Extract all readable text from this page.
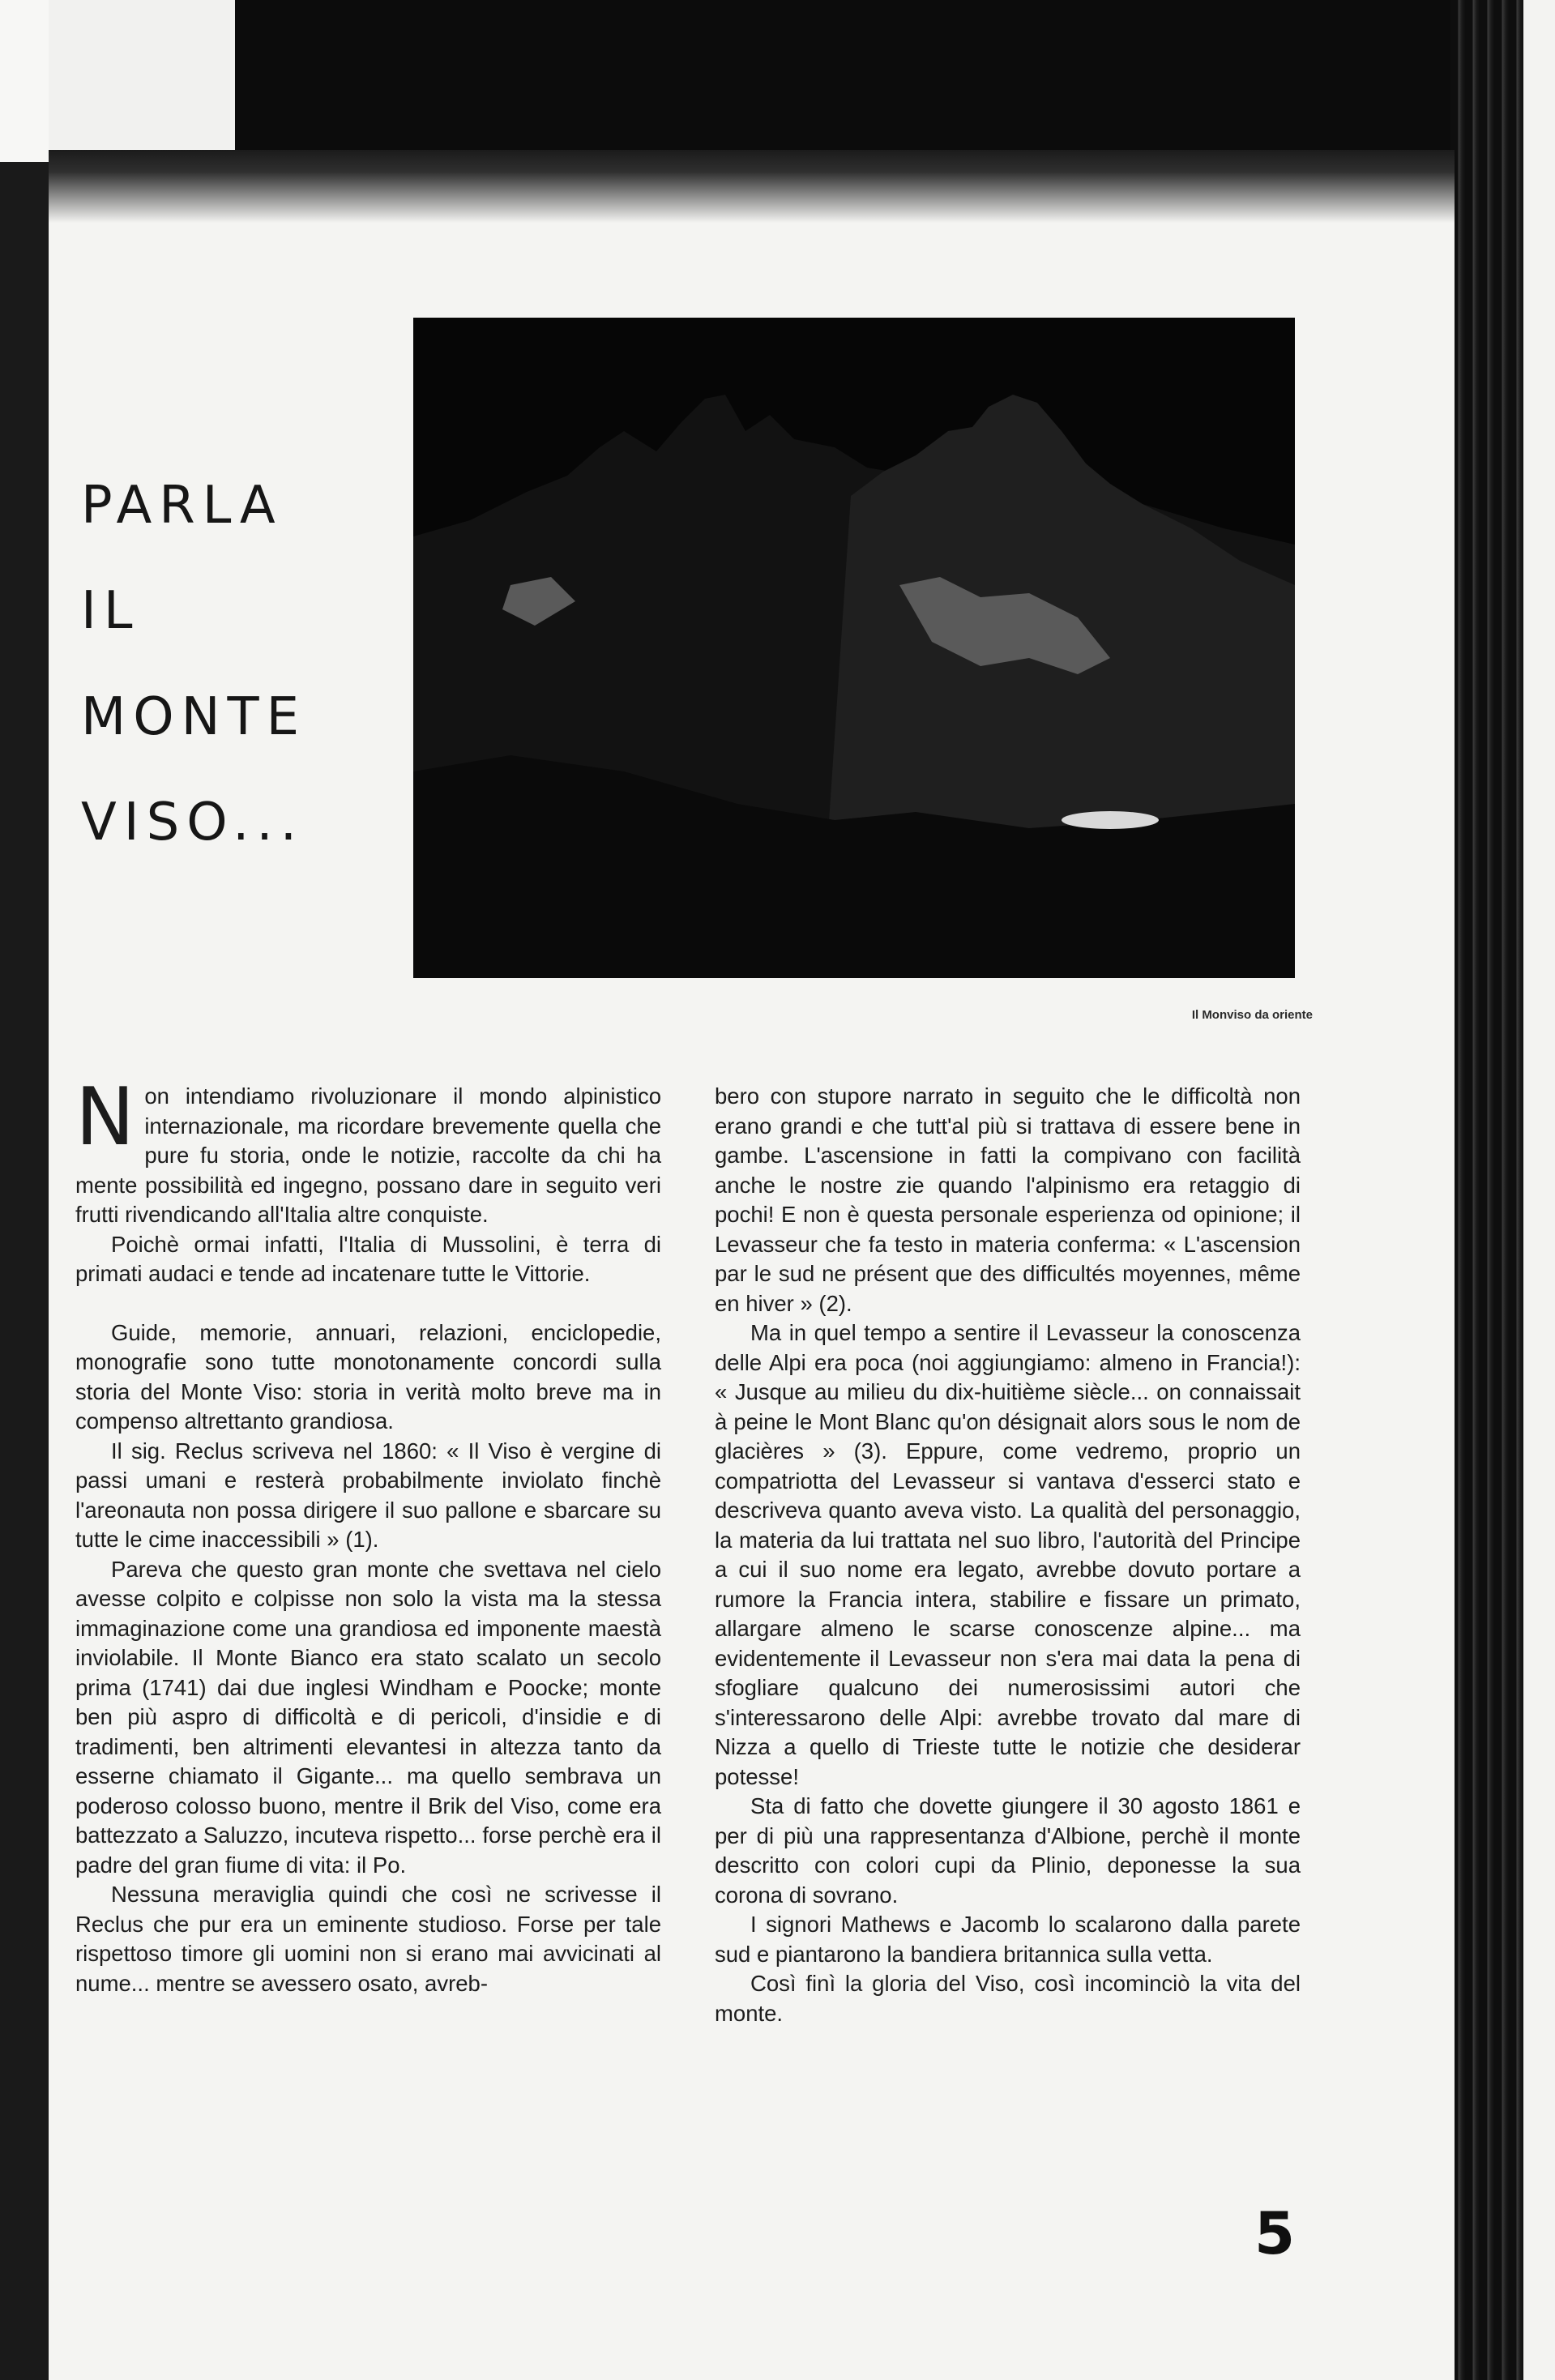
PARLA
IL
MONTE
VISO...

Il Monviso da oriente

Non intendiamo rivoluzionare il mondo alpinistico internazionale, ma ricordare brevemente quella che pure fu storia, onde le notizie, raccolte da chi ha mente possibilità ed ingegno, possano dare in seguito veri frutti rivendicando all'Italia altre conquiste.

Poichè ormai infatti, l'Italia di Mussolini, è terra di primati audaci e tende ad incatenare tutte le Vittorie.

Guide, memorie, annuari, relazioni, enciclopedie, monografie sono tutte monotonamente concordi sulla storia del Monte Viso: storia in verità molto breve ma in compenso altrettanto grandiosa.

Il sig. Reclus scriveva nel 1860: « Il Viso è vergine di passi umani e resterà probabilmente inviolato finchè l'areonauta non possa dirigere il suo pallone e sbarcare su tutte le cime inaccessibili » (1).

Pareva che questo gran monte che svettava nel cielo avesse colpito e colpisse non solo la vista ma la stessa immaginazione come una grandiosa ed imponente maestà inviolabile. Il Monte Bianco era stato scalato un secolo prima (1741) dai due inglesi Windham e Poocke; monte ben più aspro di difficoltà e di pericoli, d'insidie e di tradimenti, ben altrimenti elevantesi in altezza tanto da esserne chiamato il Gigante... ma quello sembrava un poderoso colosso buono, mentre il Brik del Viso, come era battezzato a Saluzzo, incuteva rispetto... forse perchè era il padre del gran fiume di vita: il Po.

Nessuna meraviglia quindi che così ne scrivesse il Reclus che pur era un eminente studioso. Forse per tale rispettoso timore gli uomini non si erano mai avvicinati al nume... mentre se avessero osato, avreb-

bero con stupore narrato in seguito che le difficoltà non erano grandi e che tutt'al più si trattava di essere bene in gambe. L'ascensione in fatti la compivano con facilità anche le nostre zie quando l'alpinismo era retaggio di pochi! E non è questa personale esperienza od opinione; il Levasseur che fa testo in materia conferma: « L'ascension par le sud ne présent que des difficultés moyennes, même en hiver » (2).

Ma in quel tempo a sentire il Levasseur la conoscenza delle Alpi era poca (noi aggiungiamo: almeno in Francia!): « Jusque au milieu du dix-huitième siècle... on connaissait à peine le Mont Blanc qu'on désignait alors sous le nom de glacières » (3). Eppure, come vedremo, proprio un compatriotta del Levasseur si vantava d'esserci stato e descriveva quanto aveva visto. La qualità del personaggio, la materia da lui trattata nel suo libro, l'autorità del Principe a cui il suo nome era legato, avrebbe dovuto portare a rumore la Francia intera, stabilire e fissare un primato, allargare almeno le scarse conoscenze alpine... ma evidentemente il Levasseur non s'era mai data la pena di sfogliare qualcuno dei numerosissimi autori che s'interessarono delle Alpi: avrebbe trovato dal mare di Nizza a quello di Trieste tutte le notizie che desiderar potesse!

Sta di fatto che dovette giungere il 30 agosto 1861 e per di più una rappresentanza d'Albione, perchè il monte descritto con colori cupi da Plinio, deponesse la sua corona di sovrano.

I signori Mathews e Jacomb lo scalarono dalla parete sud e piantarono la bandiera britannica sulla vetta.

Così finì la gloria del Viso, così incominciò la vita del monte.

5
